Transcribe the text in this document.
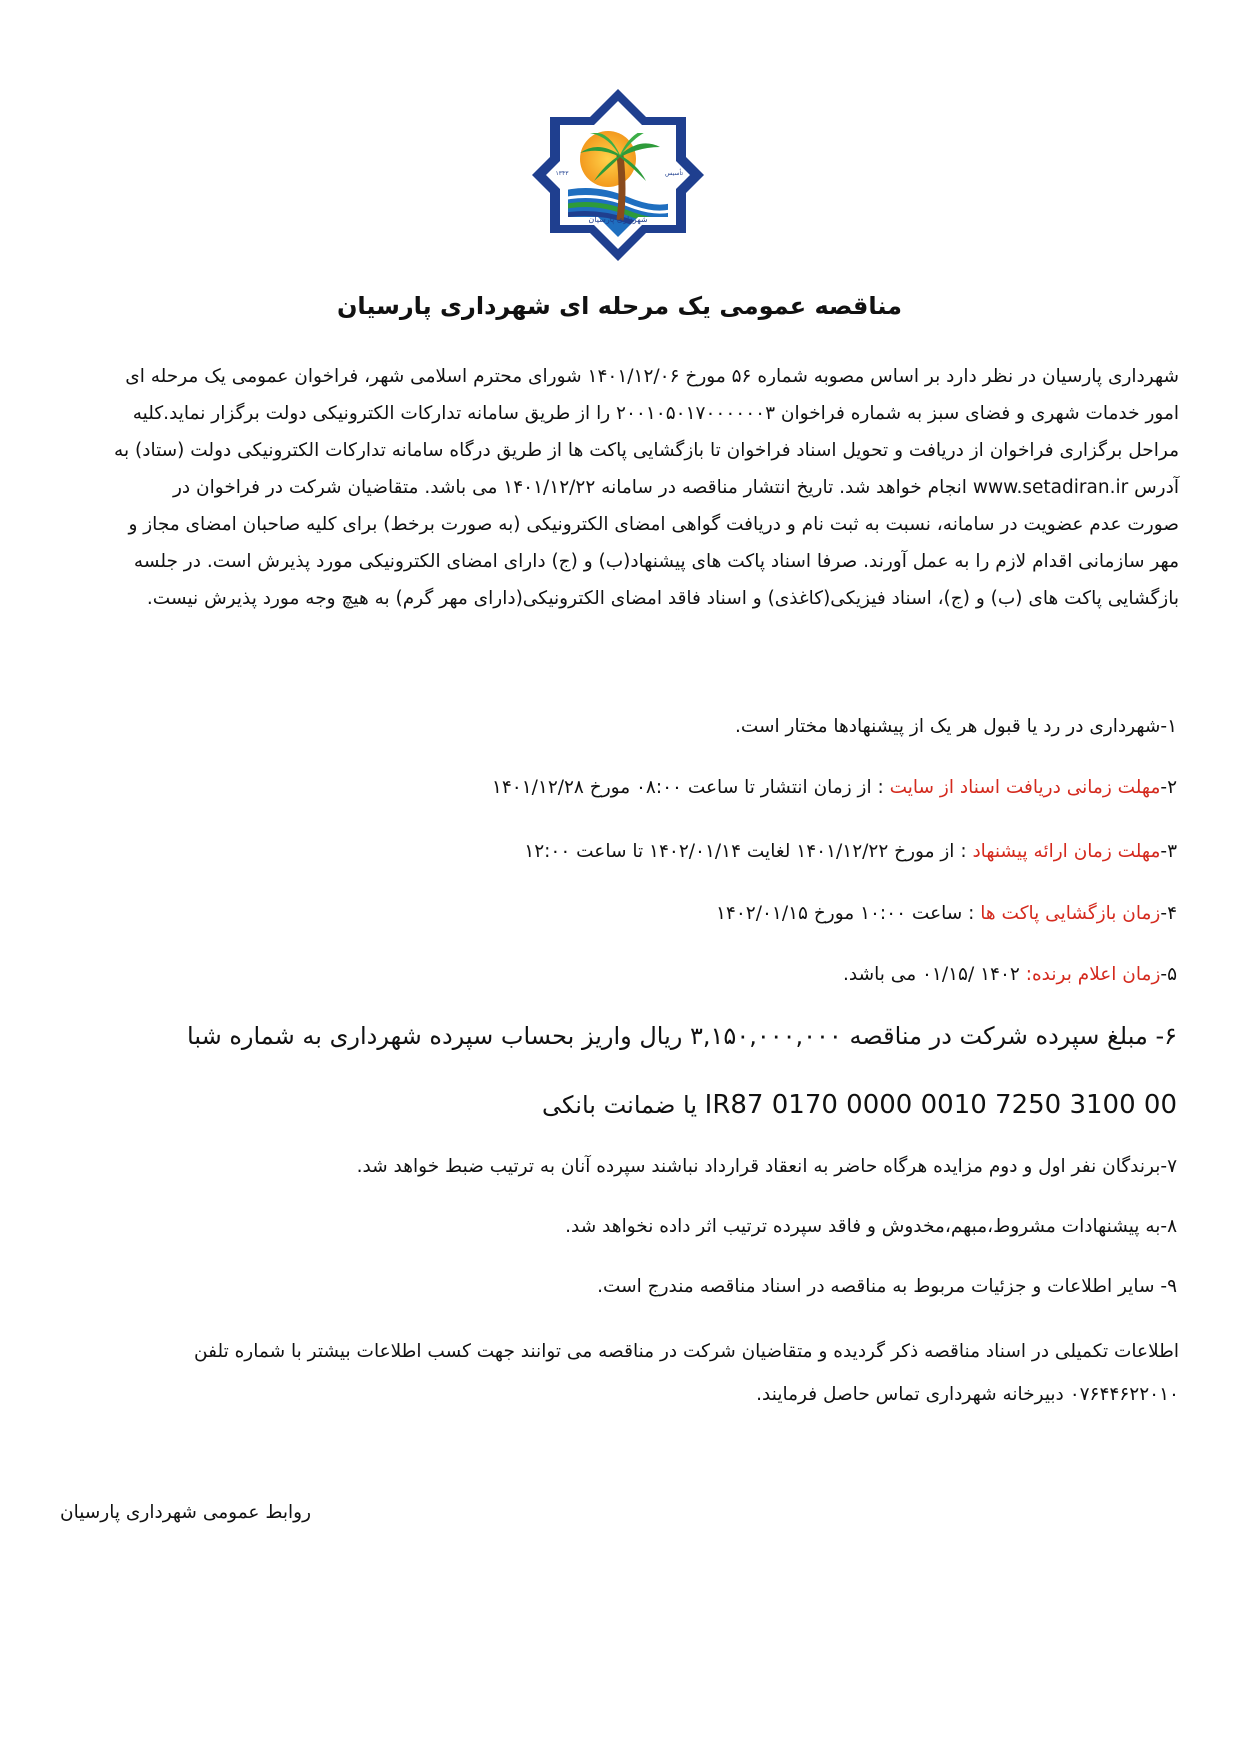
شهرداری پارسیان
۱۳۴۳	تأسیس
مناقصه عمومی یک مرحله ای شهرداری پارسیان
شهرداری پارسیان در نظر دارد بر اساس مصوبه شماره ۵۶ مورخ ۱۴۰۱/۱۲/۰۶ شورای محترم اسلامی شهر، فراخوان عمومی یک مرحله ای
امور خدمات شهری و فضای سبز به شماره فراخوان ۲۰۰۱۰۵۰۱۷۰۰۰۰۰۰۳ را از طریق سامانه تدارکات الکترونیکی دولت برگزار نماید.کلیه
مراحل برگزاری فراخوان از دریافت و تحویل اسناد فراخوان تا بازگشایی پاکت ها از طریق درگاه سامانه تدارکات الکترونیکی دولت (ستاد) به
آدرس www.setadiran.ir انجام خواهد شد. تاریخ انتشار مناقصه در سامانه ۱۴۰۱/۱۲/۲۲ می باشد. متقاضیان شرکت در فراخوان در
صورت عدم عضویت در سامانه، نسبت به ثبت نام و دریافت گواهی امضای الکترونیکی (به صورت برخط) برای کلیه صاحبان امضای مجاز و
مهر سازمانی اقدام لازم را به عمل آورند. صرفا اسناد پاکت های پیشنهاد(ب) و (ج) دارای امضای الکترونیکی مورد پذیرش است. در جلسه
بازگشایی پاکت های (ب) و (ج)، اسناد فیزیکی(کاغذی) و اسناد فاقد امضای الکترونیکی(دارای مهر گرم) به هیچ وجه مورد پذیرش نیست.
۱-شهرداری در رد یا قبول هر یک از پیشنهادها مختار است.
۲-مهلت زمانی دریافت اسناد از سایت : از زمان انتشار تا ساعت ۰۸:۰۰ مورخ ۱۴۰۱/۱۲/۲۸
۳-مهلت زمان ارائه پیشنهاد : از مورخ ۱۴۰۱/۱۲/۲۲ لغایت ۱۴۰۲/۰۱/۱۴ تا ساعت ۱۲:۰۰
۴-زمان بازگشایی پاکت ها : ساعت ۱۰:۰۰ مورخ ۱۴۰۲/۰۱/۱۵
۵-زمان اعلام برنده: ۱۴۰۲ /۰۱/۱۵ می باشد.
۶- مبلغ سپرده شرکت در مناقصه ۳,۱۵۰,۰۰۰,۰۰۰ ریال واریز بحساب سپرده شهرداری به شماره شبا
IR87 0170 0000 0010 7250 3100 00 یا ضمانت بانکی
۷-برندگان نفر اول و دوم مزایده هرگاه حاضر به انعقاد قرارداد نباشند سپرده آنان به ترتیب ضبط خواهد شد.
۸-به پیشنهادات مشروط،مبهم،مخدوش و فاقد سپرده ترتیب اثر داده نخواهد شد.
۹- سایر اطلاعات و جزئیات مربوط به مناقصه در اسناد مناقصه مندرج است.
اطلاعات تکمیلی در اسناد مناقصه ذکر گردیده و متقاضیان شرکت در مناقصه می توانند جهت کسب اطلاعات بیشتر با شماره تلفن
۰۷۶۴۴۶۲۲۰۱۰ دبیرخانه شهرداری تماس حاصل فرمایند.
روابط عمومی شهرداری پارسیان
